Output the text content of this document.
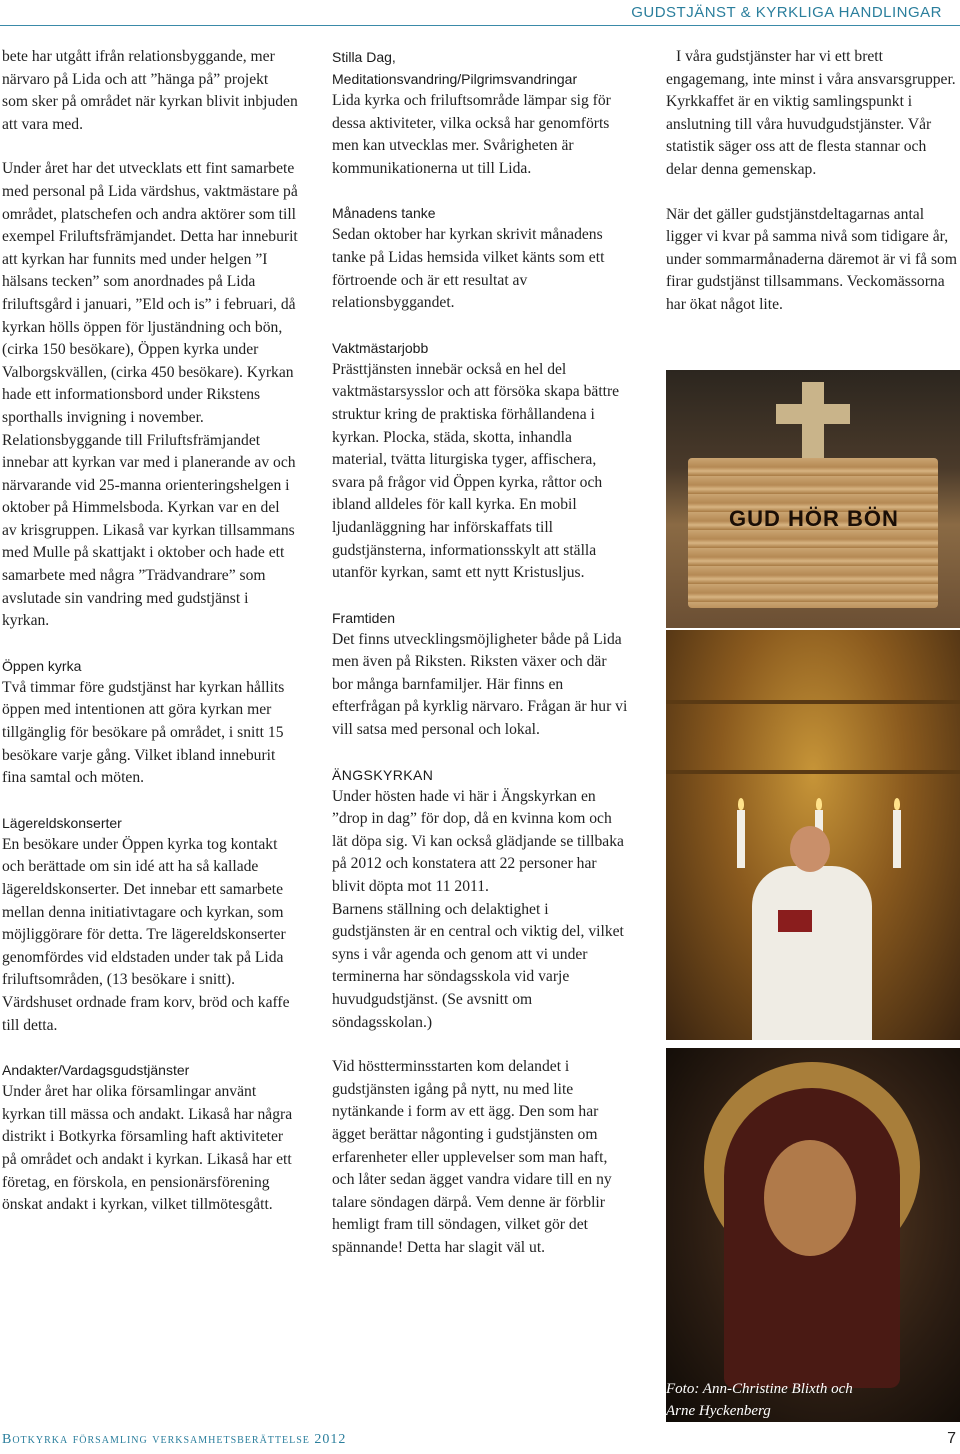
GUDSTJÄNST & KYRKLIGA HANDLINGAR
bete har utgått ifrån relationsbyggande, mer närvaro på Lida och att ”hänga på” projekt som sker på området när kyrkan blivit inbjuden att vara med.
Under året har det utvecklats ett fint samarbete med personal på Lida värdshus, vaktmästare på området, platschefen och andra aktörer som till exempel Friluftsfrämjandet. Detta har inneburit att kyrkan har funnits med under helgen ”I hälsans tecken” som anordnades på Lida friluftsgård i januari, ”Eld och is” i februari, då kyrkan hölls öppen för ljuständning och bön, (cirka 150 besökare), Öppen kyrka under Valborgskvällen, (cirka 450 besökare). Kyrkan hade ett informationsbord under Rikstens sporthalls invigning i november. Relationsbyggande till Friluftsfrämjandet innebar att kyrkan var med i planerande av och närvarande vid 25-manna orienteringshelgen i oktober på Himmelsboda. Kyrkan var en del av krisgruppen. Likaså var kyrkan tillsammans med Mulle på skattjakt i oktober och hade ett samarbete med några ”Trädvandrare” som avslutade sin vandring med gudstjänst i kyrkan.
Öppen kyrka
Två timmar före gudstjänst har kyrkan hållits öppen med intentionen att göra kyrkan mer tillgänglig för besökare på området, i snitt 15 besökare varje gång. Vilket ibland inneburit fina samtal och möten.
Lägereldskonserter
En besökare under Öppen kyrka tog kontakt och berättade om sin idé att ha så kallade lägereldskonserter. Det innebar ett samarbete mellan denna initiativtagare och kyrkan, som möjliggörare för detta. Tre lägereldskonserter genomfördes vid eldstaden under tak på Lida friluftsområden, (13 besökare i snitt). Värdshuset ordnade fram korv, bröd och kaffe till detta.
Andakter/Vardagsgudstjänster
Under året har olika församlingar använt kyrkan till mässa och andakt. Likaså har några distrikt i Botkyrka församling haft aktiviteter på området och andakt i kyrkan. Likaså har ett företag, en förskola, en pensionärsförening önskat andakt i kyrkan, vilket tillmötesgått.
Stilla Dag, Meditationsvandring/Pilgrimsvandringar
Lida kyrka och friluftsområde lämpar sig för dessa aktiviteter, vilka också har genomförts men kan utvecklas mer. Svårigheten är kommunikationerna ut till Lida.
Månadens tanke
Sedan oktober har kyrkan skrivit månadens tanke på Lidas hemsida vilket känts som ett förtroende och är ett resultat av relationsbyggandet.
Vaktmästarjobb
Prästtjänsten innebär också en hel del vaktmästarsysslor och att försöka skapa bättre struktur kring de praktiska förhållandena i kyrkan. Plocka, städa, skotta, inhandla material, tvätta liturgiska tyger, affischera, svara på frågor vid Öppen kyrka, råttor och ibland alldeles för kall kyrka. En mobil ljudanläggning har införskaffats till gudstjänsterna, informationsskylt att ställa utanför kyrkan, samt ett nytt Kristusljus.
Framtiden
Det finns utvecklingsmöjligheter både på Lida men även på Riksten. Riksten växer och där bor många barnfamiljer. Här finns en efterfrågan på kyrklig närvaro. Frågan är hur vi vill satsa med personal och lokal.
ÄNGSKYRKAN
Under hösten hade vi här i Ängskyrkan en ”drop in dag” för dop, då en kvinna kom och lät döpa sig. Vi kan också glädjande se tillbaka på 2012 och konstatera att 22 personer har blivit döpta mot 11 2011.
Barnens ställning och delaktighet i gudstjänsten är en central och viktig del, vilket syns i vår agenda och genom att vi under terminerna har söndagsskola vid varje huvudgudstjänst. (Se avsnitt om söndagsskolan.)
Vid höstterminsstarten kom delandet i gudstjänsten igång på nytt, nu med lite nytänkande i form av ett ägg. Den som har ägget berättar någonting i gudstjänsten om erfarenheter eller upplevelser som man haft, och låter sedan ägget vandra vidare till en ny talare söndagen därpå. Vem denne är förblir hemligt fram till söndagen, vilket gör det spännande! Detta har slagit väl ut.
I våra gudstjänster har vi ett brett engagemang, inte minst i våra ansvarsgrupper. Kyrkkaffet är en viktig samlingspunkt i anslutning till våra huvudgudstjänster. Vår statistik säger oss att de flesta stannar och delar denna gemenskap.
När det gäller gudstjänstdeltagarnas antal ligger vi kvar på samma nivå som tidigare år, under sommarmånaderna däremot är vi få som firar gudstjänst tillsammans. Veckomässorna har ökat något lite.
GUD HÖR BÖN
Foto: Ann-Christine Blixth och Arne Hyckenberg
Botkyrka församling verksamhetsberättelse 2012	7
